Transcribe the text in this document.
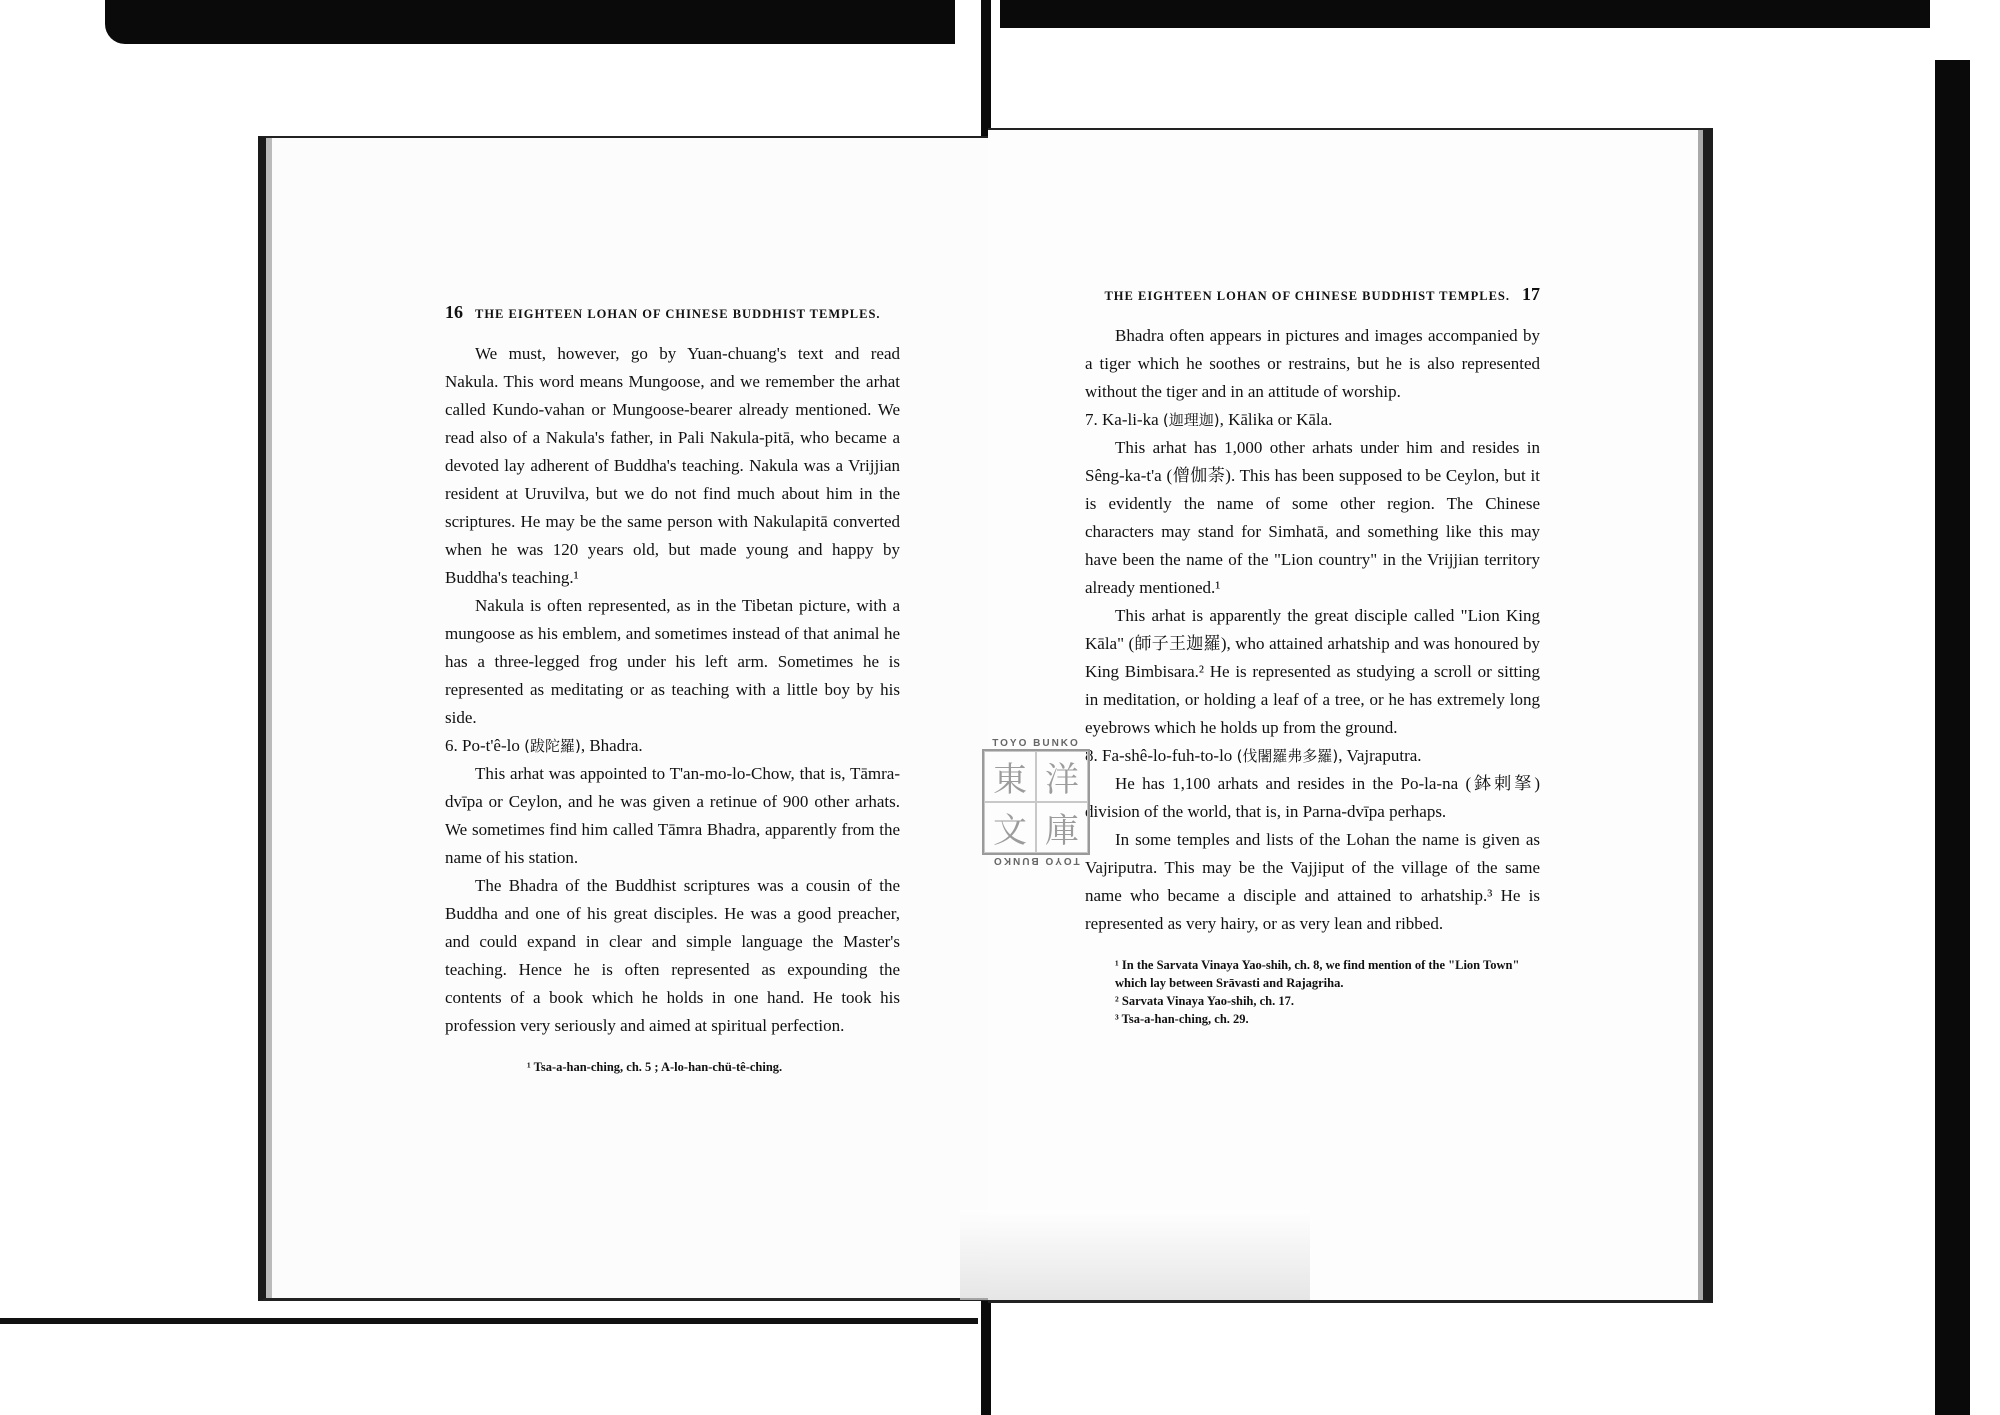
16 THE EIGHTEEN LOHAN OF CHINESE BUDDHIST TEMPLES.

We must, however, go by Yuan-chuang's text and read Nakula. This word means Mungoose, and we remember the arhat called Kundo-vahan or Mungoose-bearer already mentioned. We read also of a Nakula's father, in Pali Nakula-pitā, who became a devoted lay adherent of Buddha's teaching. Nakula was a Vrijjian resident at Uruvilva, but we do not find much about him in the scriptures. He may be the same person with Nakulapitā converted when he was 120 years old, but made young and happy by Buddha's teaching.¹

Nakula is often represented, as in the Tibetan picture, with a mungoose as his emblem, and sometimes instead of that animal he has a three-legged frog under his left arm. Sometimes he is represented as meditating or as teaching with a little boy by his side.

6. Po-t'ê-lo (跋陀羅), Bhadra.

This arhat was appointed to T'an-mo-lo-Chow, that is, Tāmra-dvīpa or Ceylon, and he was given a retinue of 900 other arhats. We sometimes find him called Tāmra Bhadra, apparently from the name of his station.

The Bhadra of the Buddhist scriptures was a cousin of the Buddha and one of his great disciples. He was a good preacher, and could expand in clear and simple language the Master's teaching. Hence he is often represented as expounding the contents of a book which he holds in one hand. He took his profession very seriously and aimed at spiritual perfection.

¹ Tsa-a-han-ching, ch. 5 ; A-lo-han-chü-tê-ching.
THE EIGHTEEN LOHAN OF CHINESE BUDDHIST TEMPLES. 17

Bhadra often appears in pictures and images accompanied by a tiger which he soothes or restrains, but he is also represented without the tiger and in an attitude of worship.

7. Ka-li-ka (迦理迦), Kālika or Kāla.

This arhat has 1,000 other arhats under him and resides in Sêng-ka-t'a (僧伽荼). This has been supposed to be Ceylon, but it is evidently the name of some other region. The Chinese characters may stand for Simhatā, and something like this may have been the name of the "Lion country" in the Vrijjian territory already mentioned.¹

This arhat is apparently the great disciple called "Lion King Kāla" (師子王迦羅), who attained arhatship and was honoured by King Bimbisara.² He is represented as studying a scroll or sitting in meditation, or holding a leaf of a tree, or he has extremely long eyebrows which he holds up from the ground.

8. Fa-shê-lo-fuh-to-lo (伐闍羅弗多羅), Vajraputra.

He has 1,100 arhats and resides in the Po-la-na (鉢剌拏) division of the world, that is, in Parna-dvīpa perhaps.

In some temples and lists of the Lohan the name is given as Vajriputra. This may be the Vajjiput of the village of the same name who became a disciple and attained to arhatship.³ He is represented as very hairy, or as very lean and ribbed.

¹ In the Sarvata Vinaya Yao-shih, ch. 8, we find mention of the "Lion Town" which lay between Srāvasti and Rajagriha.
² Sarvata Vinaya Yao-shih, ch. 17.
³ Tsa-a-han-ching, ch. 29.
TOYO BUNKO
東 洋
文 庫
TOYO BUNKO
